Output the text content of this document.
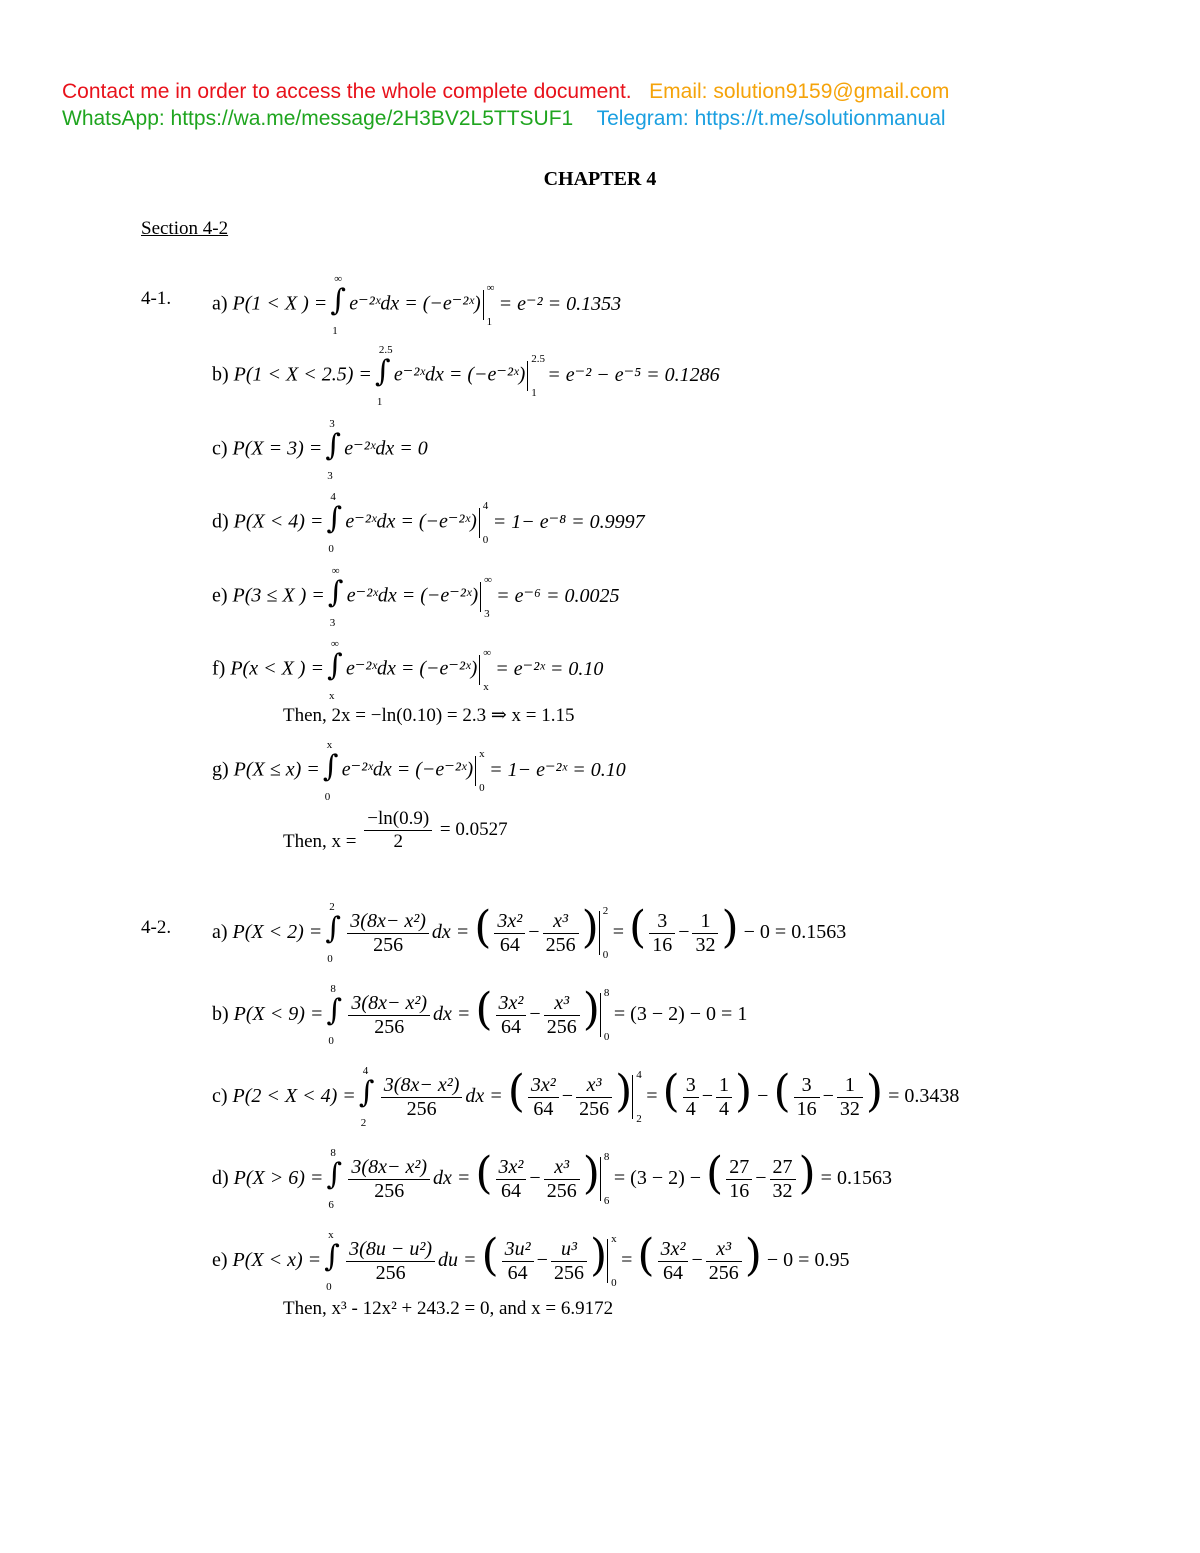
Contact me in order to access the whole complete document. Email: solution9159@gmail.com
WhatsApp: https://wa.me/message/2H3BV2L5TTSUF1 Telegram: https://t.me/solutionmanual
CHAPTER 4
Section 4-2
4-1. a) P(1 < X ) =
∞
1
∫ e⁻²ˣdx = (−e⁻²ˣ)
∞
1
= e⁻² = 0.1353
b) P(1 < X < 2.5) =
2.5
1
∫ e⁻²ˣdx = (−e⁻²ˣ)
2.5
1
= e⁻² − e⁻⁵ = 0.1286
c) P(X = 3) =
3
3
∫ e⁻²ˣdx = 0
d) P(X < 4) =
4
0
∫ e⁻²ˣdx = (−e⁻²ˣ)
4
0
= 1− e⁻⁸ = 0.9997
e) P(3 ≤ X ) =
∞
3
∫ e⁻²ˣdx = (−e⁻²ˣ)
∞
3
= e⁻⁶ = 0.0025
f) P(x < X ) =
∞
x
∫ e⁻²ˣdx = (−e⁻²ˣ)
∞
x
= e⁻²ˣ = 0.10
Then, 2x = −ln(0.10) = 2.3 ⇒ x = 1.15
g) P(X ≤ x) =
x
0
∫ e⁻²ˣdx = (−e⁻²ˣ)
x
0
= 1− e⁻²ˣ = 0.10
Then, $x = \frac{-\ln(0.9)}{2} = 0.0527$
4-2. a) P(X < 2) =
2
0
∫
$\frac{\text{3(8x− x²)}}{256}$ dx = ( $\frac{\text{3x²}}{64} - \frac{\text{x³}}{256}$ ) 2
0
= ( $\frac{3}{16} - \frac{1}{32}$ ) − 0 = 0.1563
b) P(X < 9) =
8
0
∫
$\frac{\text{3(8x− x²)}}{256}$ dx = ( $\frac{\text{3x²}}{64} - \frac{\text{x³}}{256}$ ) 8
0
= (3 − 2) − 0 = 1
c) P(2 < X < 4) =
4
2
∫
$\frac{\text{3(8x− x²)}}{256}$ dx = ( $\frac{\text{3x²}}{64} - \frac{\text{x³}}{256}$ ) 4
2
= ( $\frac{3}{4} - \frac{1}{4}$ ) − ( $\frac{3}{16} - \frac{1}{32}$ ) = 0.3438
d) P(X > 6) =
8
6
∫
$\frac{\text{3(8x− x²)}}{256}$ dx = ( $\frac{\text{3x²}}{64} - \frac{\text{x³}}{256}$ ) 8
6
= (3 − 2) − ( $\frac{27}{16} - \frac{27}{32}$ ) = 0.1563
e) P(X < x) =
x
0
∫
$\frac{\text{3(8u − u²)}}{256}$ du = ( $\frac{\text{3u²}}{64} - \frac{\text{u³}}{256}$ ) x
0
= ( $\frac{\text{3x²}}{64} - \frac{\text{x³}}{256}$ ) − 0 = 0.95
Then, x³ - 12x² + 243.2 = 0, and x = 6.9172
